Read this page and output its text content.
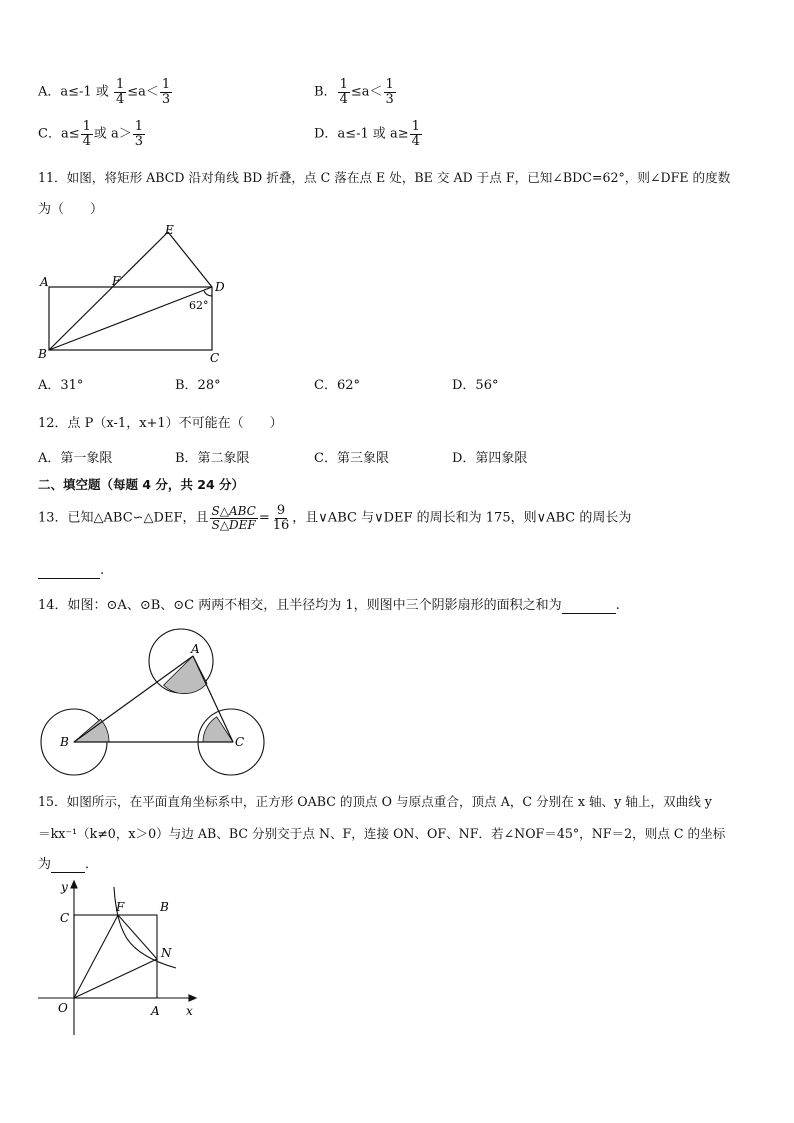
A．a≤-1 或 $\frac{1}{4} \le a< \frac{1}{3}$	B． $\frac{1}{4} \le a< \frac{1}{3}$
C．$a\le \frac{1}{4}$ 或 $a> \frac{1}{3}$	D．a≤-1 或 $a\ge \frac{1}{4}$
11．如图，将矩形 ABCD 沿对角线 BD 折叠，点 C 落在点 E 处，BE 交 AD 于点 F，已知∠BDC=62°，则∠DFE 的度数
为（　　）
E
A	F	D
62°
B	C
A．31°	B．28°	C．62°	D．56°
12．点 P（x-1，x+1）不可能在（　　）
A．第一象限	B．第二象限	C．第三象限	D．第四象限
二、填空题（每题 4 分，共 24 分）
13．已知△ABC∽△DEF，且 $\frac{\text{S△ABC}}{\text{S△DEF}} = \frac{9}{16}$ ，且∨ABC 与∨DEF 的周长和为 175，则∨ABC 的周长为
.
14．如图：⊙A、⊙B、⊙C 两两不相交，且半径均为 1，则图中三个阴影扇形的面积之和为	.
A
B	C
15．如图所示，在平面直角坐标系中，正方形 OABC 的顶点 O 与原点重合，顶点 A，C 分别在 x 轴、y 轴上，双曲线 y
＝kx⁻¹（k≠0，x＞0）与边 AB、BC 分别交于点 N、F，连接 ON、OF、NF．若∠NOF＝45°，NF＝2，则点 C 的坐标
为	．
y
C
F	B
N
O	A x
